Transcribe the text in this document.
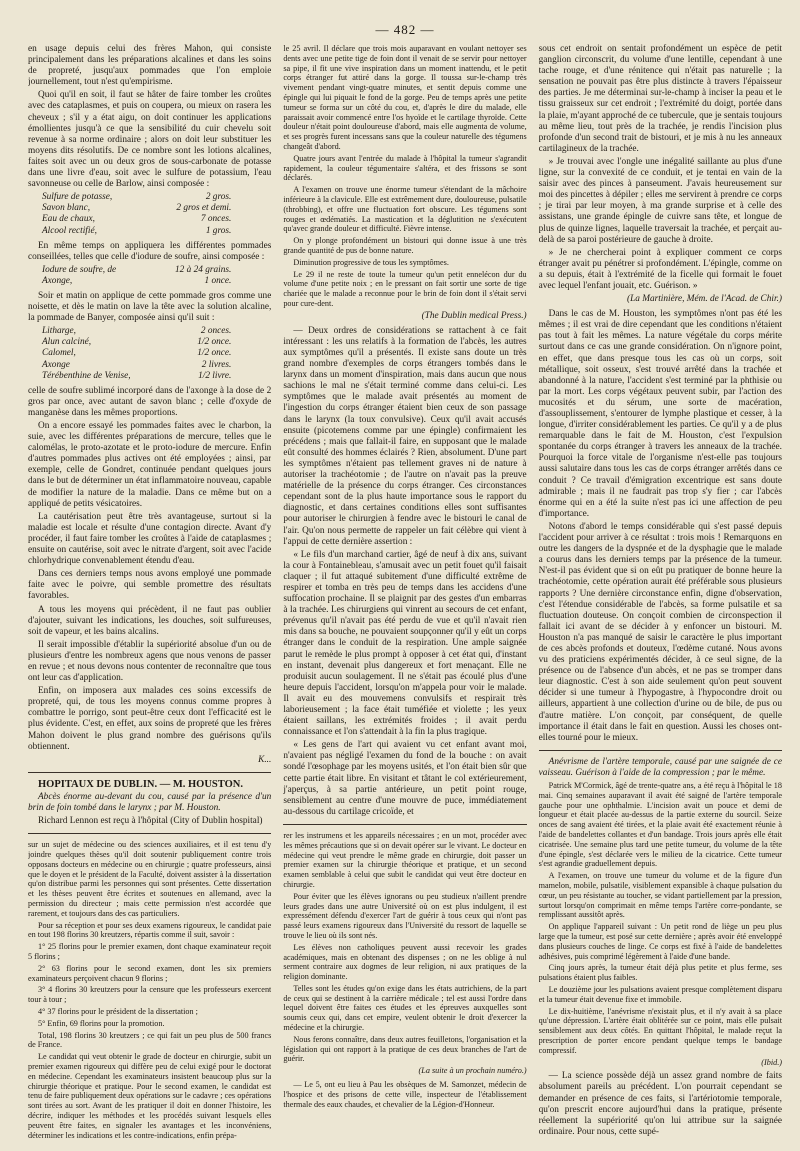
— 482 —

en usage depuis celui des frères Mahon, qui consiste principalement dans les préparations alcalines et dans les soins de propreté, jusqu'aux pommades que l'on emploie journellement, tout n'est qu'empirisme.

Quoi qu'il en soit, il faut se hâter de faire tomber les croûtes avec des cataplasmes, et puis on coupera, ou mieux on rasera les cheveux ; s'il y a état aigu, on doit continuer les applications émollientes jusqu'à ce que la sensibilité du cuir chevelu soit revenue à sa norme ordinaire ; alors on doit leur substituer les moyens dits résolutifs. De ce nombre sont les lotions alcalines, faites soit avec un ou deux gros de sous-carbonate de potasse dans une livre d'eau, soit avec le sulfure de potassium, l'eau savonneuse ou celle de Barlow, ainsi composée :

Sulfure de potasse,	2 gros.
Savon blanc,	2 gros et demi.
Eau de chaux,	7 onces.
Alcool rectifié,	1 gros.

En même temps on appliquera les différentes pommades conseillées, telles que celle d'iodure de soufre, ainsi composée :

Iodure de soufre, de	12 à 24 grains.
Axonge,	1 once.

Soir et matin on applique de cette pommade gros comme une noisette, et dès le matin on lave la tête avec la solution alcaline, la pommade de Banyer, composée ainsi qu'il suit :

Litharge,	2 onces.
Alun calciné,	1/2 once.
Calomel,	1/2 once.
Axonge	2 livres.
Térébenthine de Venise,	1/2 livre.

celle de soufre sublimé incorporé dans de l'axonge à la dose de 2 gros par once, avec autant de savon blanc ; celle d'oxyde de manganèse dans les mêmes proportions.

On a encore essayé les pommades faites avec le charbon, la suie, avec les différentes préparations de mercure, telles que le calomélas, le proto-azotate et le proto-iodure de mercure. Enfin d'autres pommades plus actives ont été employées ; ainsi, par exemple, celle de Gondret, continuée pendant quelques jours dans le but de déterminer un état inflammatoire nouveau, capable de modifier la nature de la maladie. Dans ce même but on a appliqué de petits vésicatoires.

La cautérisation peut être très avantageuse, surtout si la maladie est locale et résulte d'une contagion directe. Avant d'y procéder, il faut faire tomber les croûtes à l'aide de cataplasmes ; ensuite on cautérise, soit avec le nitrate d'argent, soit avec l'acide chlorhydrique convenablement étendu d'eau.

Dans ces derniers temps nous avons employé une pommade faite avec le poivre, qui semble promettre des résultats favorables.

A tous les moyens qui précèdent, il ne faut pas oublier d'ajouter, suivant les indications, les douches, soit sulfureuses, soit de vapeur, et les bains alcalins.

Il serait impossible d'établir la supériorité absolue d'un ou de plusieurs d'entre les nombreux agens que nous venons de passer en revue ; et nous devons nous contenter de reconnaître que tous ont leur cas d'application.

Enfin, on imposera aux malades ces soins excessifs de propreté, qui, de tous les moyens connus comme propres à combattre le porrigo, sont peut-être ceux dont l'efficacité est le plus évidente. C'est, en effet, aux soins de propreté que les frères Mahon doivent le plus grand nombre des guérisons qu'ils obtiennent.

K...

HOPITAUX DE DUBLIN. — M. HOUSTON.

Abcès énorme au-devant du cou, causé par la présence d'un brin de foin tombé dans le larynx ; par M. Houston.

Richard Lennon est reçu à l'hôpital (City of Dublin hospital)

sur un sujet de médecine ou des sciences auxiliaires, et il est tenu d'y joindre quelques thèses qu'il doit soutenir publiquement contre trois opposans docteurs en médecine ou en chirurgie ; quatre professeurs, ainsi que le doyen et le président de la Faculté, doivent assister à la dissertation qu'on distribue parmi les personnes qui sont présentes. Cette dissertation et les thèses peuvent être écrites et soutenues en allemand, avec la permission du directeur ; mais cette permission n'est accordée que rarement, et toujours dans des cas particuliers.

Pour sa réception et pour ses deux examens rigoureux, le candidat paie en tout 198 florins 30 kreutzers, répartis comme il suit, savoir :

1° 25 florins pour le premier examen, dont chaque examinateur reçoit 5 florins ;

2° 63 florins pour le second examen, dont les six premiers examinateurs perçoivent chacun 9 florins ;

3° 4 florins 30 kreutzers pour la censure que les professeurs exercent tour à tour ;

4° 37 florins pour le président de la dissertation ;

5° Enfin, 69 florins pour la promotion.

Total, 198 florins 30 kreutzers ; ce qui fait un peu plus de 500 francs de France.

Le candidat qui veut obtenir le grade de docteur en chirurgie, subit un premier examen rigoureux qui diffère peu de celui exigé pour le doctorat en médecine. Cependant les examinateurs insistent beaucoup plus sur la chirurgie théorique et pratique. Pour le second examen, le candidat est tenu de faire publiquement deux opérations sur le cadavre ; ces opérations sont tirées au sort. Avant de les pratiquer il doit en donner l'histoire, les décrire, indiquer les méthodes et les procédés suivant lesquels elles peuvent être faites, en signaler les avantages et les inconvéniens, déterminer les indications et les contre-indications, enfin prépa-

le 25 avril. Il déclare que trois mois auparavant en voulant nettoyer ses dents avec une petite tige de foin dont il venait de se servir pour nettoyer sa pipe, il fit une vive inspiration dans un moment inattendu, et le petit corps étranger fut attiré dans la gorge. Il toussa sur-le-champ très vivement pendant vingt-quatre minutes, et sentit depuis comme une épingle qui lui piquait le fond de la gorge. Peu de temps après une petite tumeur se forma sur un côté du cou, et, d'après le dire du malade, elle paraissait avoir commencé entre l'os hyoïde et le cartilage thyroïde. Cette douleur n'était point douloureuse d'abord, mais elle augmenta de volume, et ses progrès furent incessans sans que la couleur naturelle des tégumens changeât d'abord.

Quatre jours avant l'entrée du malade à l'hôpital la tumeur s'agrandit rapidement, la couleur tégumentaire s'altéra, et des frissons se sont déclarés.

A l'examen on trouve une énorme tumeur s'étendant de la mâchoire inférieure à la clavicule. Elle est extrêmement dure, douloureuse, pulsatile (throbbing), et offre une fluctuation fort obscure. Les tégumens sont rouges et œdématiés. La mastication et la déglutition ne s'exécutent qu'avec grande douleur et difficulté. Fièvre intense.

On y plonge profondément un bistouri qui donne issue à une très grande quantité de pus de bonne nature.

Diminution progressive de tous les symptômes.

Le 29 il ne reste de toute la tumeur qu'un petit ennelécon dur du volume d'une petite noix ; en le pressant on fait sortir une sorte de tige chariée que le malade a reconnue pour le brin de foin dont il s'était servi pour cure-dent.

(The Dublin medical Press.)

— Deux ordres de considérations se rattachent à ce fait intéressant : les uns relatifs à la formation de l'abcès, les autres aux symptômes qu'il a présentés. Il existe sans doute un très grand nombre d'exemples de corps étrangers tombés dans le larynx dans un moment d'inspiration, mais dans aucun que nous sachions le mal ne s'était terminé comme dans celui-ci. Les symptômes que le malade avait présentés au moment de l'ingestion du corps étranger étaient bien ceux de son passage dans le larynx (la toux convulsive). Ceux qu'il avait accusés ensuite (picotemens comme par une épingle) confirmaient les précédens ; mais que fallait-il faire, en supposant que le malade eût consulté des hommes éclairés ? Rien, absolument. D'une part les symptômes n'étaient pas tellement graves ni de nature à autoriser la trachéotomie ; de l'autre on n'avait pas la preuve matérielle de la présence du corps étranger. Ces circonstances cependant sont de la plus haute importance sous le rapport du diagnostic, et dans certaines conditions elles sont suffisantes pour autoriser le chirurgien à fendre avec le bistouri le canal de l'air. Qu'on nous permette de rappeler un fait célèbre qui vient à l'appui de cette dernière assertion :

« Le fils d'un marchand cartier, âgé de neuf à dix ans, suivant la cour à Fontainebleau, s'amusait avec un petit fouet qu'il faisait claquer ; il fut attaqué subitement d'une difficulté extrême de respirer et tomba en très peu de temps dans les accidens d'une suffocation prochaine. Il se plaignit par des gestes d'un embarras à la trachée. Les chirurgiens qui vinrent au secours de cet enfant, prévenus qu'il n'avait pas été perdu de vue et qu'il n'avait rien mis dans sa bouche, ne pouvaient soupçonner qu'il y eût un corps étranger dans le conduit de la respiration. Une ample saignée parut le remède le plus prompt à opposer à cet état qui, d'instant en instant, devenait plus dangereux et fort menaçant. Elle ne produisit aucun soulagement. Il ne s'était pas écoulé plus d'une heure depuis l'accident, lorsqu'on m'appela pour voir le malade. Il avait eu des mouvemens convulsifs et respirait très laborieusement ; la face était tuméfiée et violette ; les yeux étaient saillans, les extrémités froides ; il avait perdu connaissance et l'on s'attendait à la fin la plus tragique.

« Les gens de l'art qui avaient vu cet enfant avant moi, n'avaient pas négligé l'examen du fond de la bouche : on avait sondé l'œsophage par les moyens usités, et l'on était bien sûr que cette partie était libre. En visitant et tâtant le col extérieurement, j'aperçus, à sa partie antérieure, un petit point rouge, sensiblement au centre d'une mouvre de puce, immédiatement au-dessous du cartilage cricoïde, et

rer les instrumens et les appareils nécessaires ; en un mot, procéder avec les mêmes précautions que si on devait opérer sur le vivant. Le docteur en médecine qui veut prendre le même grade en chirurgie, doit passer un premier examen sur la chirurgie théorique et pratique, et un second examen semblable à celui que subit le candidat qui veut être docteur en chirurgie.

Pour éviter que les élèves ignorans ou peu studieux n'aillent prendre leurs grades dans une autre Université où on est plus indulgent, il est expressément défendu d'exercer l'art de guérir à tous ceux qui n'ont pas passé leurs examens rigoureux dans l'Université du ressort de laquelle se trouve le lieu où ils sont nés.

Les élèves non catholiques peuvent aussi recevoir les grades académiques, mais en obtenant des dispenses ; on ne les oblige à nul serment contraire aux dogmes de leur religion, ni aux pratiques de la religion dominante.

Telles sont les études qu'on exige dans les états autrichiens, de la part de ceux qui se destinent à la carrière médicale ; tel est aussi l'ordre dans lequel doivent être faites ces études et les épreuves auxquelles sont soumis ceux qui, dans cet empire, veulent obtenir le droit d'exercer la médecine et la chirurgie.

Nous ferons connaître, dans deux autres feuilletons, l'organisation et la législation qui ont rapport à la pratique de ces deux branches de l'art de guérir.

(La suite à un prochain numéro.)

— Le 5, ont eu lieu à Pau les obsèques de M. Samonzet, médecin de l'hospice et des prisons de cette ville, inspecteur de l'établissement thermale des eaux chaudes, et chevalier de la Légion-d'Honneur.

sous cet endroit on sentait profondément un espèce de petit ganglion circonscrit, du volume d'une lentille, cependant à une tache rouge, et d'une rénitence qui n'était pas naturelle ; la sensation ne pouvait pas être plus distincte à travers l'épaisseur des parties. Je me déterminai sur-le-champ à inciser la peau et le tissu graisseux sur cet endroit ; l'extrémité du doigt, portée dans la plaie, m'ayant approché de ce tubercule, que je sentais toujours au même lieu, tout près de la trachée, je rendis l'incision plus profonde d'un second trait de bistouri, et je mis à nu les anneaux cartilagineux de la trachée.

» Je trouvai avec l'ongle une inégalité saillante au plus d'une ligne, sur la convexité de ce conduit, et je tentai en vain de la saisir avec des pinces à panseument. J'avais heureusement sur moi des pincettes à dépiler ; elles me servirent à prendre ce corps ; je tirai par leur moyen, à ma grande surprise et à celle des assistans, une grande épingle de cuivre sans tête, et longue de plus de quinze lignes, laquelle traversait la trachée, et perçait au-delà de sa paroi postérieure de gauche à droite.

» Je ne chercherai point à expliquer comment ce corps étranger avait pu pénétrer si profondément. L'épingle, comme on a su depuis, était à l'extrémité de la ficelle qui formait le fouet avec lequel l'enfant jouait, etc. Guérison. »

(La Martinière, Mém. de l'Acad. de Chir.)

Dans le cas de M. Houston, les symptômes n'ont pas été les mêmes ; il est vrai de dire cependant que les conditions n'étaient pas tout à fait les mêmes. La nature végétale du corps mérite surtout dans ce cas une grande considération. On n'ignore point, en effet, que dans presque tous les cas où un corps, soit métallique, soit osseux, s'est trouvé arrêté dans la trachée et abandonné à la nature, l'accident s'est terminé par la phthisie ou par la mort. Les corps végétaux peuvent subir, par l'action des mucosités et du sérum, une sorte de macération, d'assouplissement, s'entourer de lymphe plastique et cesser, à la longue, d'irriter considérablement les parties. Ce qu'il y a de plus remarquable dans le fait de M. Houston, c'est l'expulsion spontanée du corps étranger à travers les anneaux de la trachée. Pourquoi la force vitale de l'organisme n'est-elle pas toujours aussi salutaire dans tous les cas de corps étranger arrêtés dans ce conduit ? Ce travail d'émigration excentrique est sans doute admirable ; mais il ne faudrait pas trop s'y fier ; car l'abcès énorme qui en a été la suite n'est pas ici une affection de peu d'importance.

Notons d'abord le temps considérable qui s'est passé depuis l'accident pour arriver à ce résultat : trois mois ! Remarquons en outre les dangers de la dyspnée et de la dysphagie que le malade a courus dans les derniers temps par la présence de la tumeur. N'est-il pas évident que si on eût pu pratiquer de bonne heure la trachéotomie, cette opération aurait été préférable sous plusieurs rapports ? Une dernière circonstance enfin, digne d'observation, c'est l'étendue considérable de l'abcès, sa forme pulsatile et sa fluctuation douteuse. On conçoit combien de circonspection il fallait ici avant de se décider à y enfoncer un bistouri. M. Houston n'a pas manqué de saisir le caractère le plus important de ces abcès profonds et douteux, l'œdème cutané. Nous avons vu des praticiens expérimentés décider, à ce seul signe, de la présence ou de l'absence d'un abcès, et ne pas se tromper dans leur diagnostic. C'est à son aide seulement qu'on peut souvent décider si une tumeur à l'hypogastre, à l'hypocondre droit ou ailleurs, appartient à une collection d'urine ou de bile, de pus ou d'autre matière. L'on conçoit, par conséquent, de quelle importance il était dans le fait en question. Aussi les choses ont-elles tourné pour le mieux.

Anévrisme de l'artère temporale, causé par une saignée de ce vaisseau. Guérison à l'aide de la compression ; par le même.

Patrick M'Cormick, âgé de trente-quatre ans, a été reçu à l'hôpital le 18 mai. Cinq semaines auparavant il avait été saigné de l'artère temporale gauche pour une ophthalmie. L'incision avait un pouce et demi de longueur et était placée au-dessus de la partie externe du sourcil. Seize onces de sang avaient été tirées, et la plaie avait été exactement réunie à l'aide de bandelettes collantes et d'un bandage. Trois jours après elle était cicatrisée. Une semaine plus tard une petite tumeur, du volume de la tête d'une épingle, s'est déclarée vers le milieu de la cicatrice. Cette tumeur s'est agrandie graduellement depuis.

A l'examen, on trouve une tumeur du volume et de la figure d'un mamelon, mobile, pulsatile, visiblement expansible à chaque pulsation du cœur, un peu résistante au toucher, se vidant partiellement par la pression, surtout lorsqu'on comprimait en même temps l'artère corre-pondante, se remplissant aussitôt après.

On applique l'appareil suivant : Un petit rond de liège un peu plus large que la tumeur, est posé sur cette dernière ; après avoir été enveloppé dans plusieurs couches de linge. Ce corps est fixé à l'aide de bandelettes adhésives, puis comprimé légèrement à l'aide d'une bande.

Cinq jours après, la tumeur était déjà plus petite et plus ferme, ses pulsations étaient plus faibles.

Le douzième jour les pulsations avaient presque complètement disparu et la tumeur était devenue fixe et immobile.

Le dix-huitième, l'anévrisme n'existait plus, et il n'y avait à sa place qu'une dépression. L'artère était oblitérée sur ce point, mais elle pulsait sensiblement aux deux côtés. En quittant l'hôpital, le malade reçut la prescription de porter encore pendant quelque temps le bandage compressif.

(Ibid.)

— La science possède déjà un assez grand nombre de faits absolument pareils au précédent. L'on pourrait cependant se demander en présence de ces faits, si l'artériotomie temporale, qu'on prescrit encore aujourd'hui dans la pratique, présente réellement la supériorité qu'on lui attribue sur la saignée ordinaire. Pour nous, cette supé-
